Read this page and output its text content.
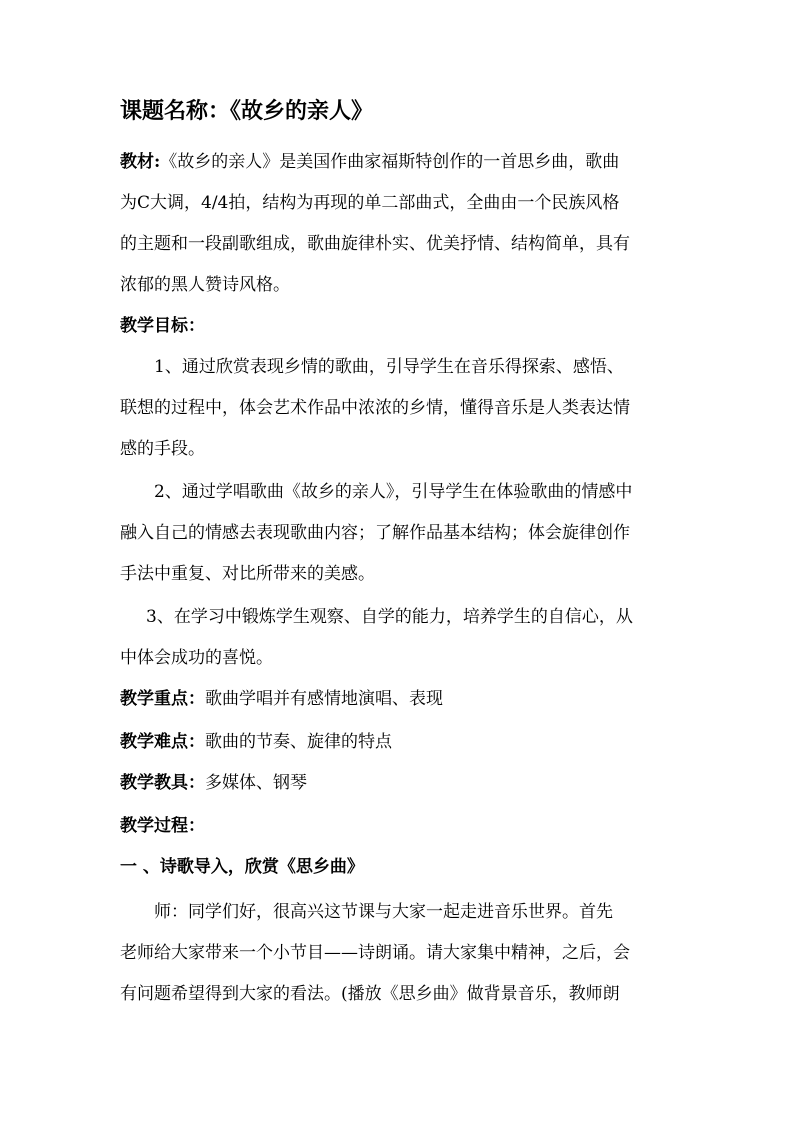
课题名称：《故乡的亲人》
教材:《故乡的亲人》是美国作曲家福斯特创作的一首思乡曲，歌曲
为C大调，4/4拍，结构为再现的单二部曲式，全曲由一个民族风格
的主题和一段副歌组成，歌曲旋律朴实、优美抒情、结构简单，具有
浓郁的黑人赞诗风格。
教学目标：
1、通过欣赏表现乡情的歌曲，引导学生在音乐得探索、感悟、
联想的过程中，体会艺术作品中浓浓的乡情，懂得音乐是人类表达情
感的手段。
2、通过学唱歌曲《故乡的亲人》，引导学生在体验歌曲的情感中
融入自己的情感去表现歌曲内容；了解作品基本结构；体会旋律创作
手法中重复、对比所带来的美感。
3、在学习中锻炼学生观察、自学的能力，培养学生的自信心，从
中体会成功的喜悦。
教学重点：歌曲学唱并有感情地演唱、表现
教学难点：歌曲的节奏、旋律的特点
教学教具：多媒体、钢琴
教学过程：
一 、诗歌导入，欣赏《思乡曲》
师：同学们好，很高兴这节课与大家一起走进音乐世界。首先
老师给大家带来一个小节目——诗朗诵。请大家集中精神，之后，会
有问题希望得到大家的看法。(播放《思乡曲》做背景音乐，教师朗
